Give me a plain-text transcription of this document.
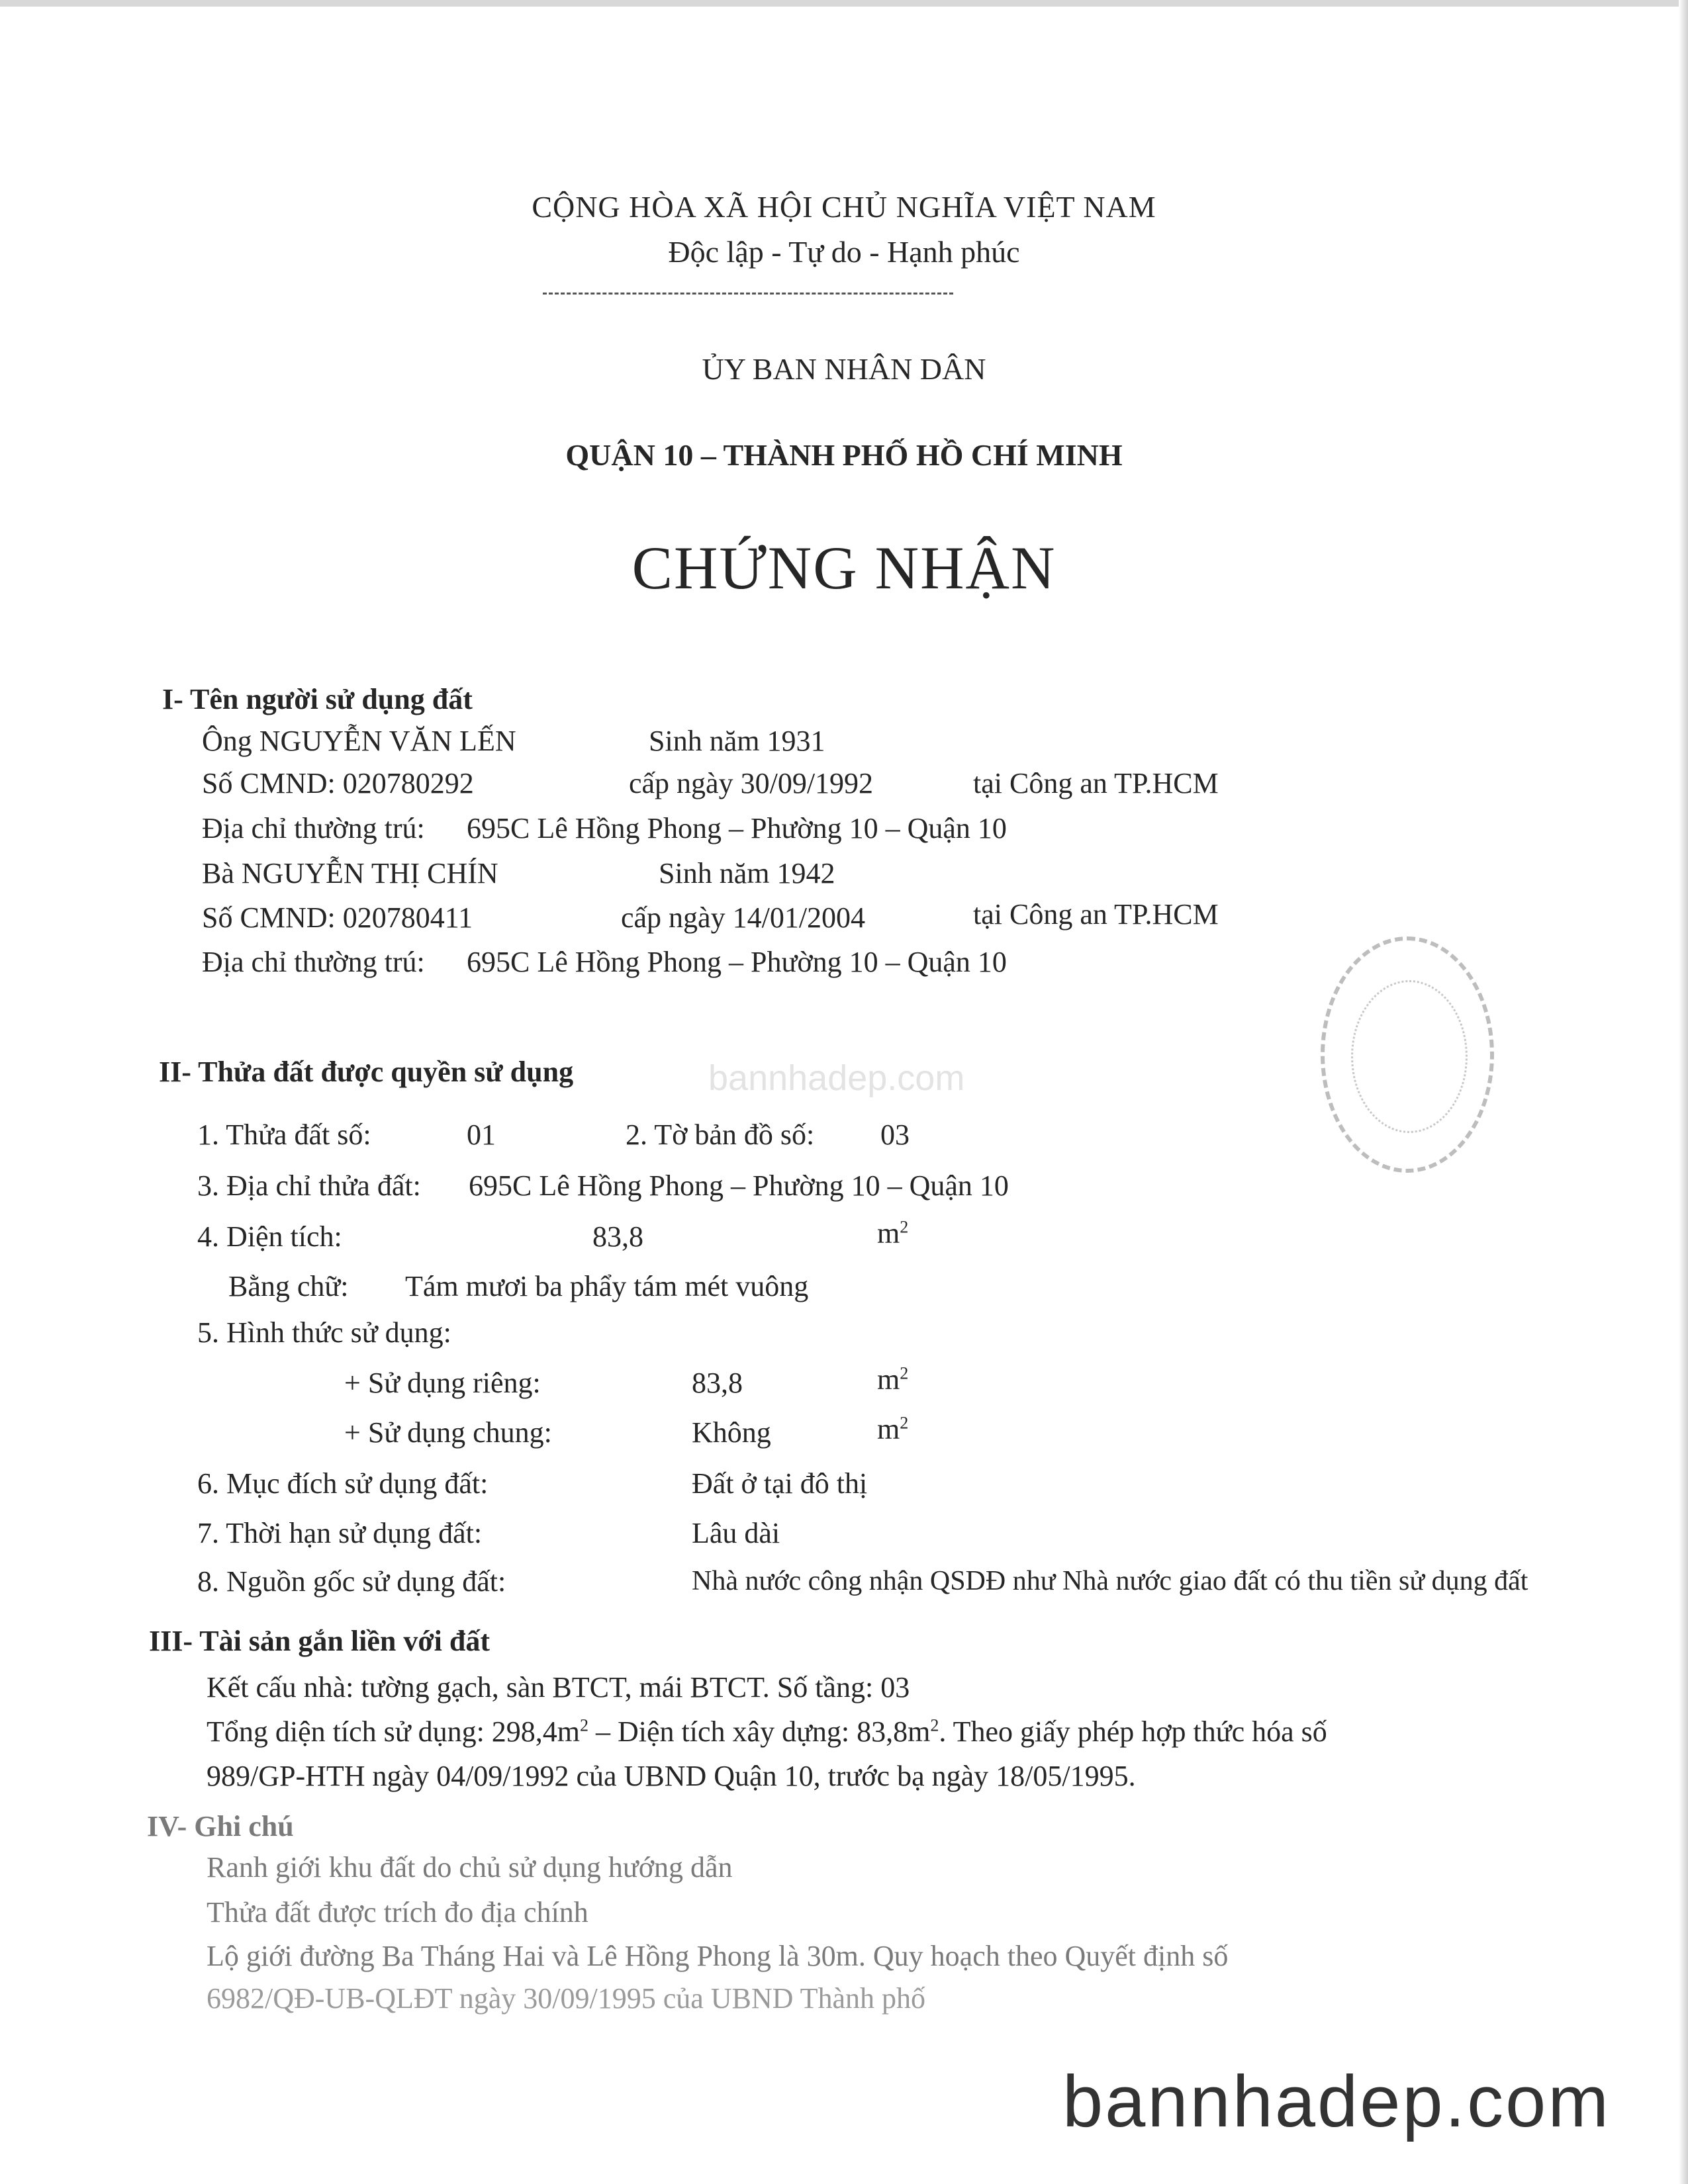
CỘNG HÒA XÃ HỘI CHỦ NGHĨA VIỆT NAM
Độc lập - Tự do - Hạnh phúc
ỦY BAN NHÂN DÂN
QUẬN 10 – THÀNH PHỐ HỒ CHÍ MINH
CHỨNG NHẬN
I- Tên người sử dụng đất
Ông NGUYỄN VĂN LẾN	Sinh năm 1931
Số CMND: 020780292	cấp ngày 30/09/1992	tại Công an TP.HCM
Địa chỉ thường trú: 695C Lê Hồng Phong – Phường 10 – Quận 10
Bà NGUYỄN THỊ CHÍN	Sinh năm 1942
Số CMND: 020780411	cấp ngày 14/01/2004	tại Công an TP.HCM
Địa chỉ thường trú: 695C Lê Hồng Phong – Phường 10 – Quận 10
II- Thửa đất được quyền sử dụng	bannhadep.com
1. Thửa đất số:	01	2. Tờ bản đồ số: 03
3. Địa chỉ thửa đất: 695C Lê Hồng Phong – Phường 10 – Quận 10
4. Diện tích:	83,8	$m^2$
Bằng chữ: Tám mươi ba phẩy tám mét vuông
5. Hình thức sử dụng:
+ Sử dụng riêng:	83,8	$m^2$
+ Sử dụng chung:	Không	$m^2$
6. Mục đích sử dụng đất:	Đất ở tại đô thị
7. Thời hạn sử dụng đất:	Lâu dài
8. Nguồn gốc sử dụng đất:	Nhà nước công nhận QSDĐ như Nhà nước giao đất có thu tiền sử dụng đất
III- Tài sản gắn liền với đất
Kết cấu nhà: tường gạch, sàn BTCT, mái BTCT. Số tầng: 03
Tổng diện tích sử dụng: $298,4m^2$ – Diện tích xây dựng: $83,8m^2$. Theo giấy phép hợp thức hóa số
989/GP-HTH ngày 04/09/1992 của UBND Quận 10, trước bạ ngày 18/05/1995.
IV- Ghi chú
Ranh giới khu đất do chủ sử dụng hướng dẫn
Thửa đất được trích đo địa chính
Lộ giới đường Ba Tháng Hai và Lê Hồng Phong là 30m. Quy hoạch theo Quyết định số
6982/QĐ-UB-QLĐT ngày 30/09/1995 của UBND Thành phố
bannhadep.com
